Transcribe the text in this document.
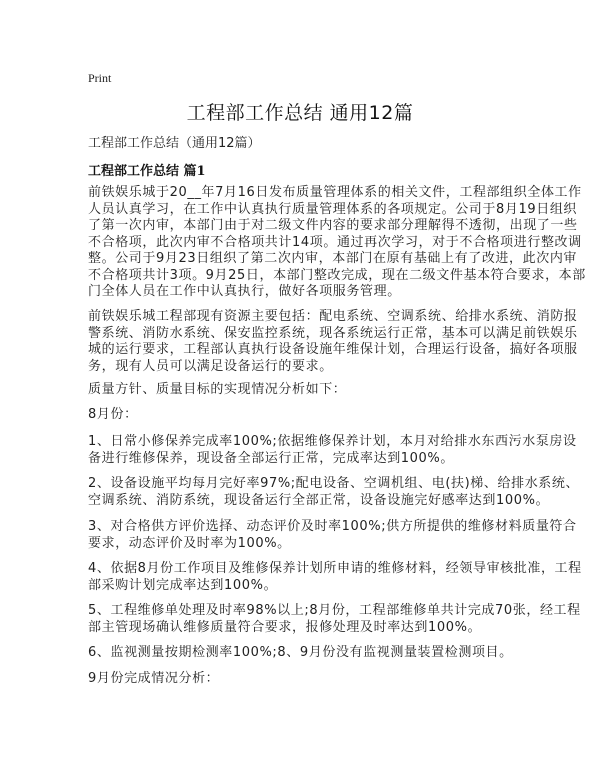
Print
工程部工作总结 通用12篇
工程部工作总结（通用12篇）
工程部工作总结 篇1
前铁娱乐城于20__年7月16日发布质量管理体系的相关文件，工程部组织全体工作
人员认真学习，在工作中认真执行质量管理体系的各项规定。公司于8月19日组织
了第一次内审，本部门由于对二级文件内容的要求部分理解得不透彻，出现了一些
不合格项，此次内审不合格项共计14项。通过再次学习，对于不合格项进行整改调
整。公司于9月23日组织了第二次内审，本部门在原有基础上有了改进，此次内审
不合格项共计3项。9月25日，本部门整改完成，现在二级文件基本符合要求，本部
门全体人员在工作中认真执行，做好各项服务管理。
前铁娱乐城工程部现有资源主要包括：配电系统、空调系统、给排水系统、消防报
警系统、消防水系统、保安监控系统，现各系统运行正常，基本可以满足前铁娱乐
城的运行要求，工程部认真执行设备设施年维保计划，合理运行设备，搞好各项服
务，现有人员可以满足设备运行的要求。
质量方针、质量目标的实现情况分析如下：
8月份：
1、日常小修保养完成率100%;依据维修保养计划，本月对给排水东西污水泵房设
备进行维修保养，现设备全部运行正常，完成率达到100%。
2、设备设施平均每月完好率97%;配电设备、空调机组、电(扶)梯、给排水系统、
空调系统、消防系统，现设备运行全部正常，设备设施完好感率达到100%。
3、对合格供方评价选择、动态评价及时率100%;供方所提供的维修材料质量符合
要求，动态评价及时率为100%。
4、依据8月份工作项目及维修保养计划所申请的维修材料，经领导审核批准，工程
部采购计划完成率达到100%。
5、工程维修单处理及时率98%以上;8月份，工程部维修单共计完成70张，经工程
部主管现场确认维修质量符合要求，报修处理及时率达到100%。
6、监视测量按期检测率100%;8、9月份没有监视测量装置检测项目。
9月份完成情况分析：
